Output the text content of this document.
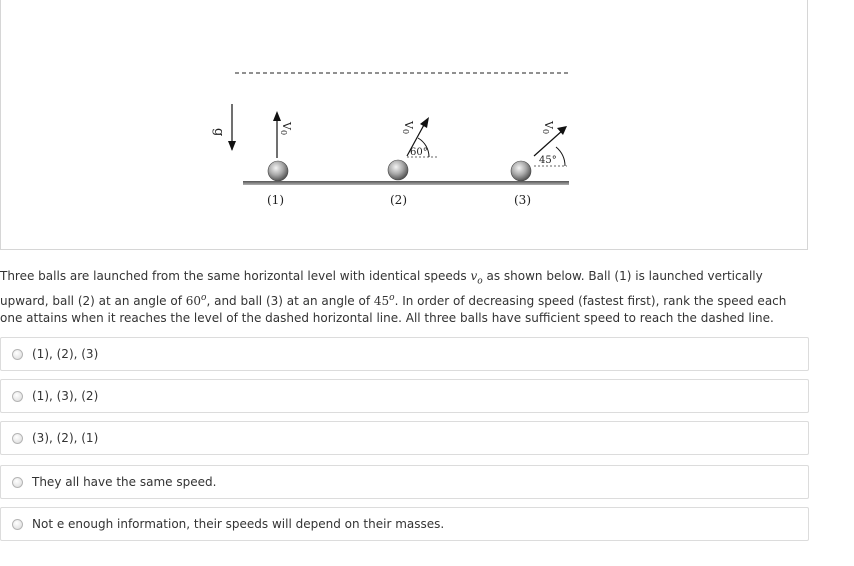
g
V0
(1)
V0
60°
(2)
V0
45°
(3)
Three balls are launched from the same horizontal level with identical speeds $v_o$ as shown below. Ball (1) is launched vertically upward, ball (2) at an angle of 60$^o$, and ball (3) at an angle of 45$^o$. In order of decreasing speed (fastest first), rank the speed each one attains when it reaches the level of the dashed horizontal line. All three balls have sufficient speed to reach the dashed line.
(1), (2), (3)
(1), (3), (2)
(3), (2), (1)
They all have the same speed.
Not e enough information, their speeds will depend on their masses.
